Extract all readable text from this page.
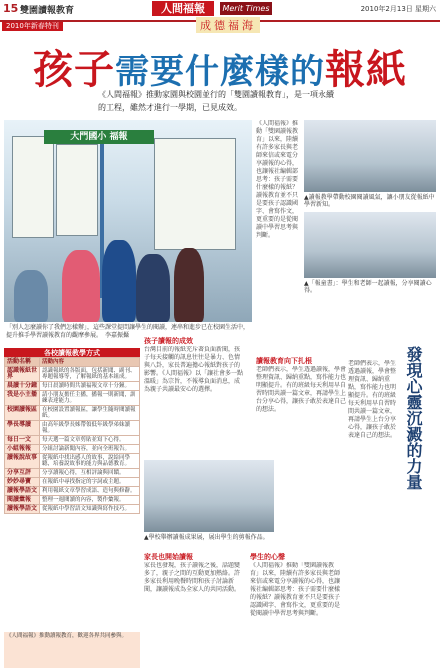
15 雙園讀報教育	人間福報	Merit Times	2010年2月13日 星期六
2010年新春特刊	成德福海
孩子需要什麼樣的報紙
《人間福報》推動家園與校園並行的「雙園讀報教育」，是一項永續的工程，雖然才進行一學期，已見成效。
大門國小 福報
「別人怎麼讀你了我們怎樣辦」，這些課堂提問讓學生的閱讀，連串和進步已在校園生活中，提升推手學習讀報教育的觀摩參展。　李嘉振攝
《人間福報》推動「雙園讀報教育」以來，陸續有許多家長與老師來信或來電分享讀報的心得，也讓報社編輯部思考：孩子需要什麼樣的報紙？讀報教育並不只是要孩子認識國字、會寫作文，更重要的是從閱讀中學習思考與判斷。
▲讀報教學帶動校園閱讀風氣，讓小朋友從報紙中學習新知。
▲「報童書」：學生和老師一起讀報，分享閱讀心得。
孩子讀報的成效
台灣目前的報紙充斥著負面新聞，孩子每天接觸的訊息往往是暴力、色情與八卦，家長普遍擔心報紙對孩子的影響。《人間福報》以「讓社會多一點溫暖」為宗旨，不報導負面消息，成為親子共讀最安心的選擇。
讀報教育向下扎根
老師們表示，學生透過讀報，學會整理資訊、歸納重點，寫作能力也明顯提升。有的班級每天利用早自習時間共讀一篇文章，再請學生上台分享心得，讓孩子敢於表達自己的想法。
▲學校舉辦讀報成果展，展出學生的剪報作品。
家長也開始讀報
家長也發現，孩子讀報之後，話題變多了，親子之間的互動更加熱絡。許多家長利用晚餐時間和孩子討論新聞，讓讀報成為全家人的共同活動。
學生的心聲
《人間福報》推動「雙園讀報教育」以來，陸續有許多家長與老師來信或來電分享讀報的心得，也讓報社編輯部思考：孩子需要什麼樣的報紙？讀報教育並不只是要孩子認識國字、會寫作文，更重要的是從閱讀中學習思考與判斷。
發現心靈沉澱的力量
老師們表示，學生透過讀報，學會整理資訊、歸納重點，寫作能力也明顯提升。有的班級每天利用早自習時間共讀一篇文章，再請學生上台分享心得，讓孩子敢於表達自己的想法。
各校讀報教學方式
活動名稱	活動內容
認識報紙世界	認識報紙的各版面，包括新聞、副刊、專題報導等，了解報紙的基本組成。
晨讀十分鐘	每日晨讀時間共讀福報文章十分鐘。
我是小主播	請小朋友擔任主播，播報一則新聞，訓練表達能力。
校園讀報區	在校園設置讀報區，讓學生隨時閱讀報紙。
學長導讀	由高年級學長姊帶領低年級學弟妹讀報。
每日一文	每天選一篇文章剪貼並寫下心得。
小組報報	分組討論新聞內容，並向全班報告。
讀報說故事	從報紙中找出感人的故事，說給同學聽，培養說故事的能力與品德教育。
分享互評	分享讀報心得，互相評論與回饋。
妙妙尋寶	在報紙中尋找指定的字詞或主題。
讀報學語文	利用報紙文章學習成語、造句與修辭。
閱讀彙報	整理一週閱讀的內容，製作彙報。
讀報學語文	從報紙中學習語文知識與寫作技巧。
《人間福報》推動讀報教育，歡迎各界共同參與。
